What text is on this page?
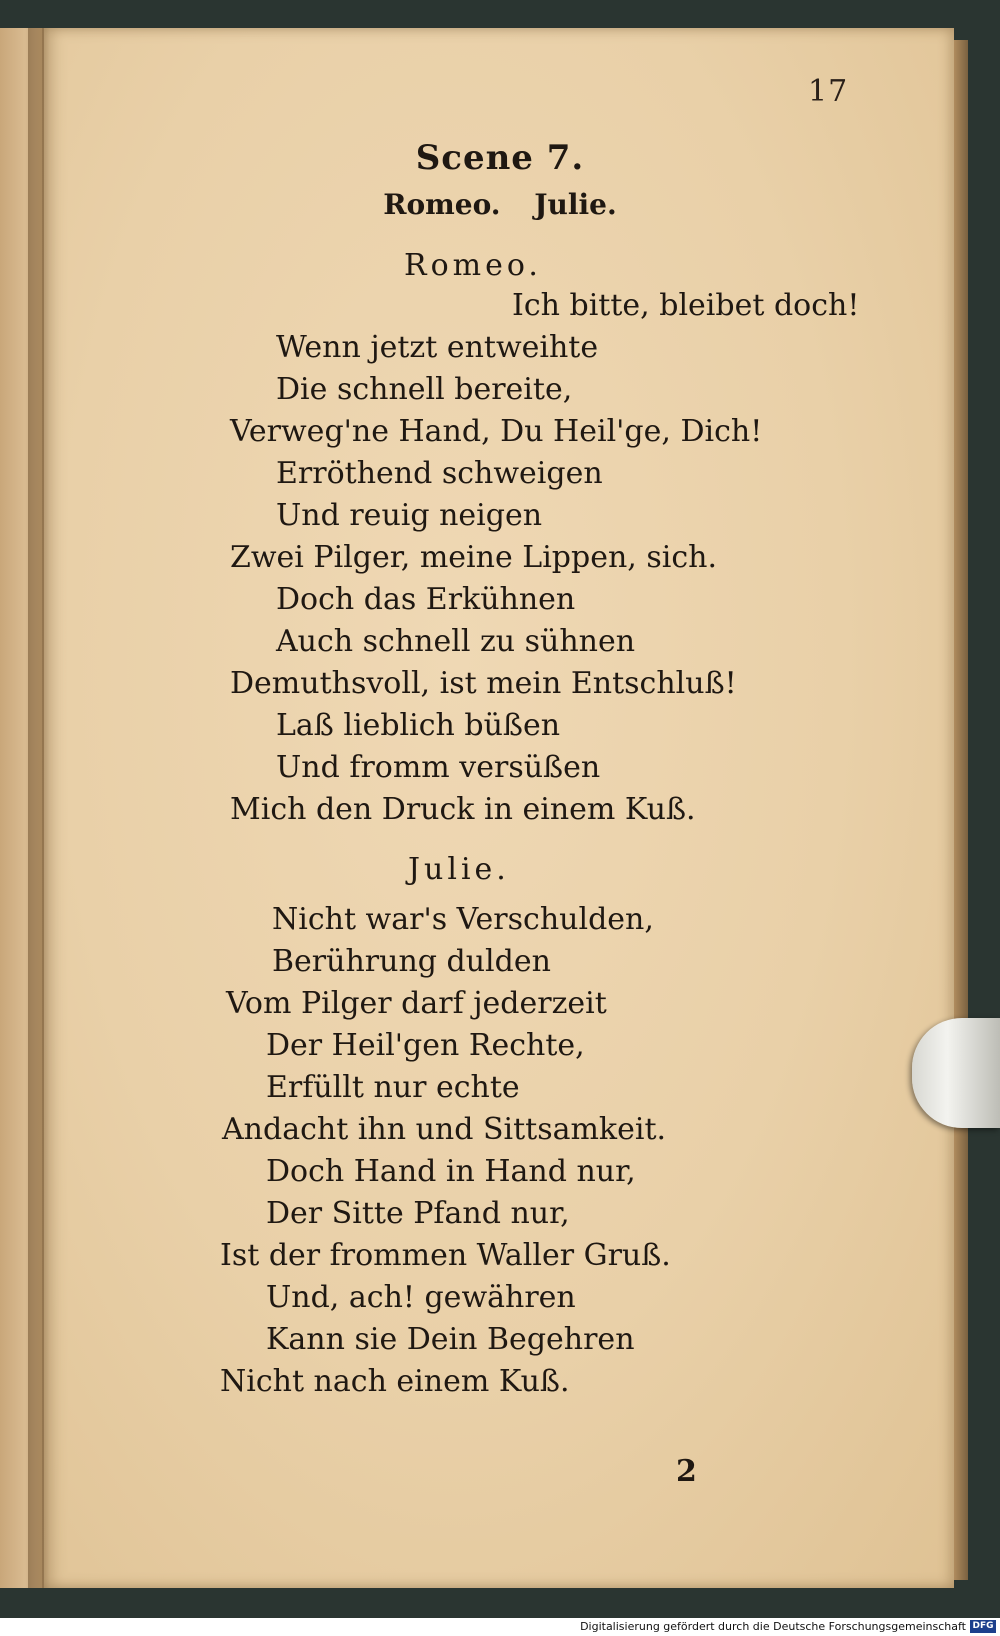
17
Scene 7.
Romeo. Julie.
Romeo.
Ich bitte, bleibet doch!
Wenn jetzt entweihte
Die schnell bereite,
Verweg'ne Hand, Du Heil'ge, Dich!
Erröthend schweigen
Und reuig neigen
Zwei Pilger, meine Lippen, sich.
Doch das Erkühnen
Auch schnell zu sühnen
Demuthsvoll, ist mein Entschluß!
Laß lieblich büßen
Und fromm versüßen
Mich den Druck in einem Kuß.
Julie.
Nicht war's Verschulden,
Berührung dulden
Vom Pilger darf jederzeit
Der Heil'gen Rechte,
Erfüllt nur echte
Andacht ihn und Sittsamkeit.
Doch Hand in Hand nur,
Der Sitte Pfand nur,
Ist der frommen Waller Gruß.
Und, ach! gewähren
Kann sie Dein Begehren
Nicht nach einem Kuß.
2
Digitalisierung gefördert durch die Deutsche Forschungsgemeinschaft DFG
